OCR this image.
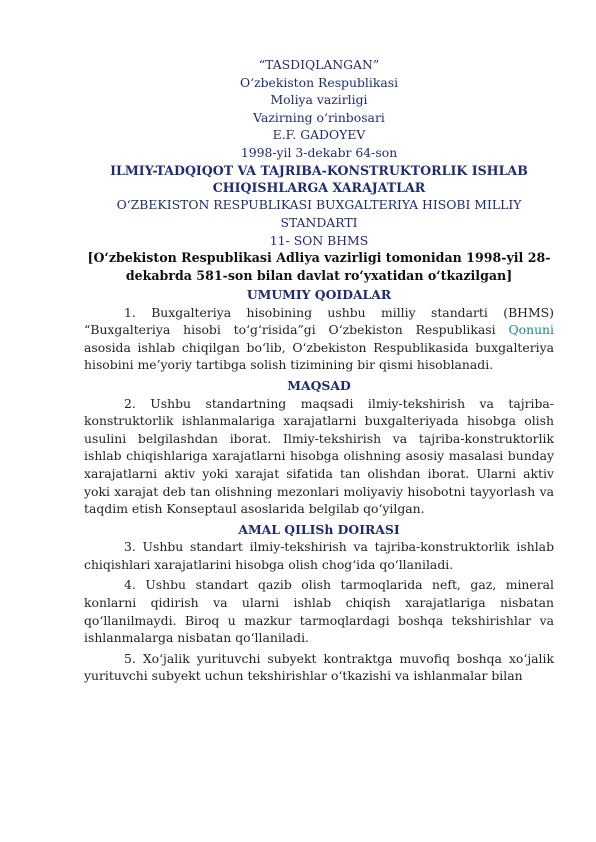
“TASDIQLANGAN”
O‘zbekiston Respublikasi
Moliya vazirligi
Vazirning o‘rinbosari
E.F. GADOYEV
1998-yil 3-dekabr 64-son
ILMIY-TADQIQOT VA TAJRIBA-KONSTRUKTORLIK ISHLAB CHIQISHLARGA XARAJATLAR
O‘ZBEKISTON RESPUBLIKASI BUXGALTERIYA HISOBI MILLIY STANDARTI
11- SON BHMS
[O‘zbekiston Respublikasi Adliya vazirligi tomonidan 1998-yil 28-dekabrda 581-son bilan davlat ro‘yxatidan o‘tkazilgan]
UMUMIY QOIDALAR

1. Buxgalteriya hisobining ushbu milliy standarti (BHMS) “Buxgalteriya hisobi to‘g‘risida”gi O‘zbekiston Respublikasi Qonuni asosida ishlab chiqilgan bo‘lib, O‘zbekiston Respublikasida buxgalteriya hisobini me’yoriy tartibga solish tizimining bir qismi hisoblanadi.

MAQSAD

2. Ushbu standartning maqsadi ilmiy-tekshirish va tajriba-konstruktorlik ishlanmalariga xarajatlarni buxgalteriyada hisobga olish usulini belgilashdan iborat. Ilmiy-tekshirish va tajriba-konstruktorlik ishlab chiqishlariga xarajatlarni hisobga olishning asosiy masalasi bunday xarajatlarni aktiv yoki xarajat sifatida tan olishdan iborat. Ularni aktiv yoki xarajat deb tan olishning mezonlari moliyaviy hisobotni tayyorlash va taqdim etish Konseptaul asoslarida belgilab qo‘yilgan.

AMAL QILISh DOIRASI

3. Ushbu standart ilmiy-tekshirish va tajriba-konstruktorlik ishlab chiqishlari xarajatlarini hisobga olish chog‘ida qo‘llaniladi.

4. Ushbu standart qazib olish tarmoqlarida neft, gaz, mineral konlarni qidirish va ularni ishlab chiqish xarajatlariga nisbatan qo‘llanilmaydi. Biroq u mazkur tarmoqlardagi boshqa tekshirishlar va ishlanmalarga nisbatan qo‘llaniladi.

5. Xo‘jalik yurituvchi subyekt kontraktga muvofiq boshqa xo‘jalik yurituvchi subyekt uchun tekshirishlar o‘tkazishi va ishlanmalar bilan
